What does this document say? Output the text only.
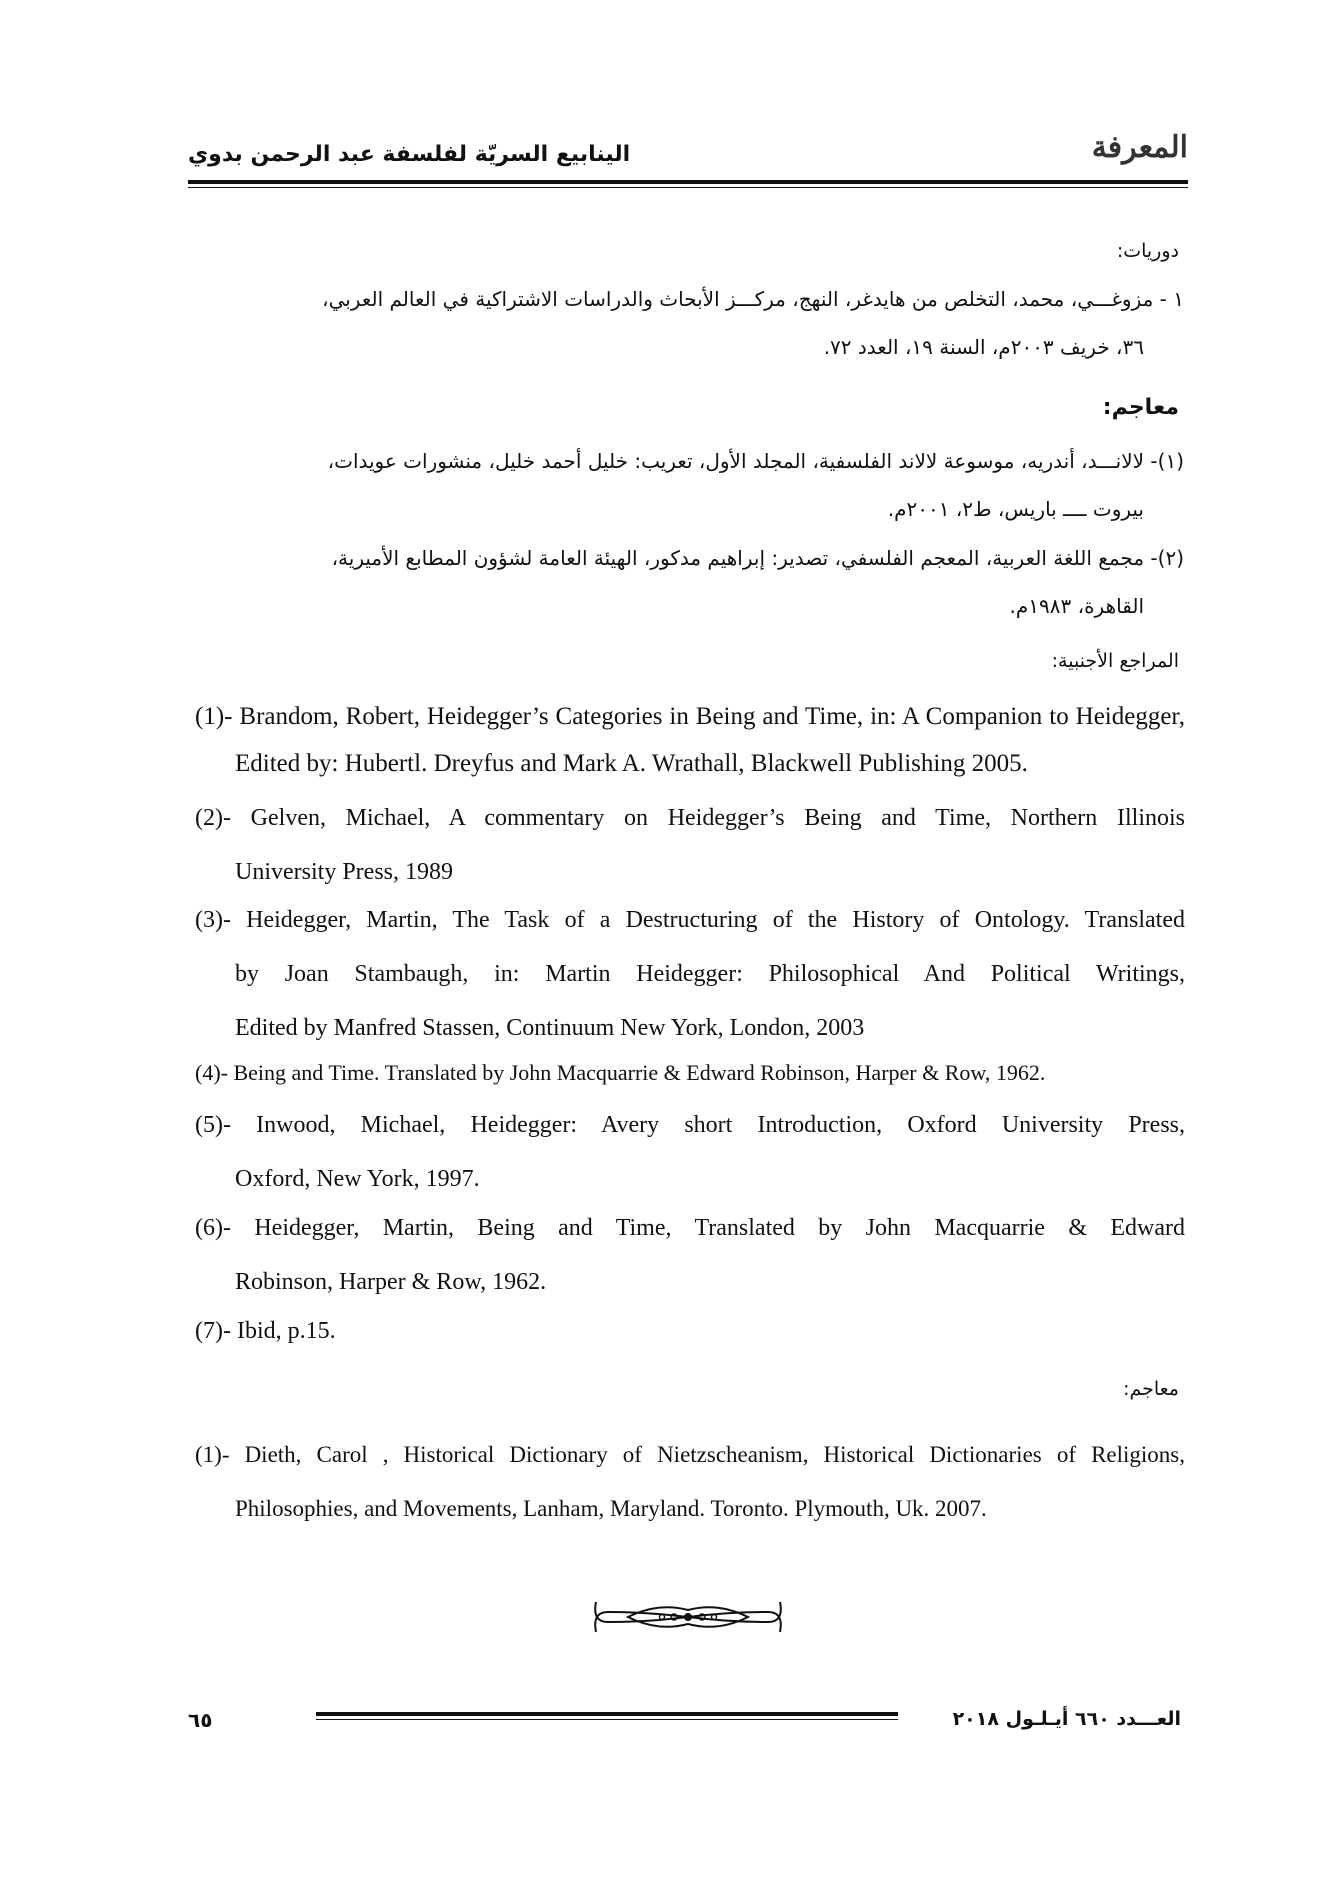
الينابيع السريّة لفلسفة عبد الرحمن بدوي	المعرفة
دوريات:
١ - مزوغـــي، محمد، التخلص من هايدغر، النهج، مركـــز الأبحاث والدراسات الاشتراكية في العالم العربي،
٣٦، خريف ٢٠٠٣م، السنة ١٩، العدد ٧٢.
معاجم:
(١)- لالانـــد، أندريه، موسوعة لالاند الفلسفية، المجلد الأول، تعريب: خليل أحمد خليل، منشورات عويدات،
بيروت ــــ باريس، ط٢، ٢٠٠١م.
(٢)- مجمع اللغة العربية، المعجم الفلسفي، تصدير: إبراهيم مدكور، الهيئة العامة لشؤون المطابع الأميرية،
القاهرة، ١٩٨٣م.
المراجع الأجنبية:
(1)- Brandom, Robert, Heidegger’s Categories in Being and Time, in: A Companion to Heidegger,
Edited by: Hubertl. Dreyfus and Mark A. Wrathall, Blackwell Publishing 2005.
(2)- Gelven, Michael, A commentary on Heidegger’s Being and Time, Northern Illinois
University Press, 1989
(3)- Heidegger, Martin, The Task of a Destructuring of the History of Ontology. Translated
by Joan Stambaugh, in: Martin Heidegger: Philosophical And Political Writings,
Edited by Manfred Stassen, Continuum New York, London, 2003
(4)- Being and Time. Translated by John Macquarrie & Edward Robinson, Harper & Row, 1962.
(5)- Inwood, Michael, Heidegger: Avery short Introduction, Oxford University Press,
Oxford, New York, 1997.
(6)- Heidegger, Martin, Being and Time, Translated by John Macquarrie & Edward
Robinson, Harper & Row, 1962.
(7)- Ibid, p.15.
معاجم:
(1)- Dieth, Carol , Historical Dictionary of Nietzscheanism, Historical Dictionaries of Religions,
Philosophies, and Movements, Lanham, Maryland. Toronto. Plymouth, Uk. 2007.
٦٥	العـــدد ٦٦٠ أيـلـول ٢٠١٨
